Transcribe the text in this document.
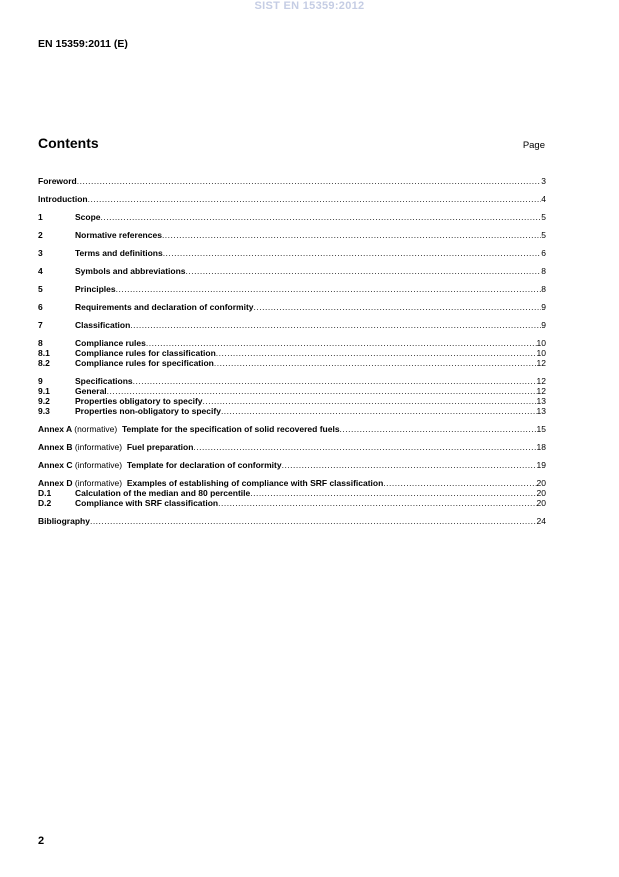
SIST EN 15359:2012
EN 15359:2011 (E)
Contents	Page
Foreword .....	3
Introduction .....	4
1	Scope .....	5
2	Normative references .....	5
3	Terms and definitions .....	6
4	Symbols and abbreviations .....	8
5	Principles .....	8
6	Requirements and declaration of conformity .....	9
7	Classification .....	9
8	Compliance rules .....	10
8.1	Compliance rules for classification .....	10
8.2	Compliance rules for specification .....	12
9	Specifications .....	12
9.1	General .....	12
9.2	Properties obligatory to specify .....	13
9.3	Properties non-obligatory to specify .....	13
Annex A (normative) Template for the specification of solid recovered fuels .....	15
Annex B (informative) Fuel preparation .....	18
Annex C (informative) Template for declaration of conformity .....	19
Annex D (informative) Examples of establishing of compliance with SRF classification .....	20
D.1	Calculation of the median and 80 percentile .....	20
D.2	Compliance with SRF classification .....	20
Bibliography .....	24
2
